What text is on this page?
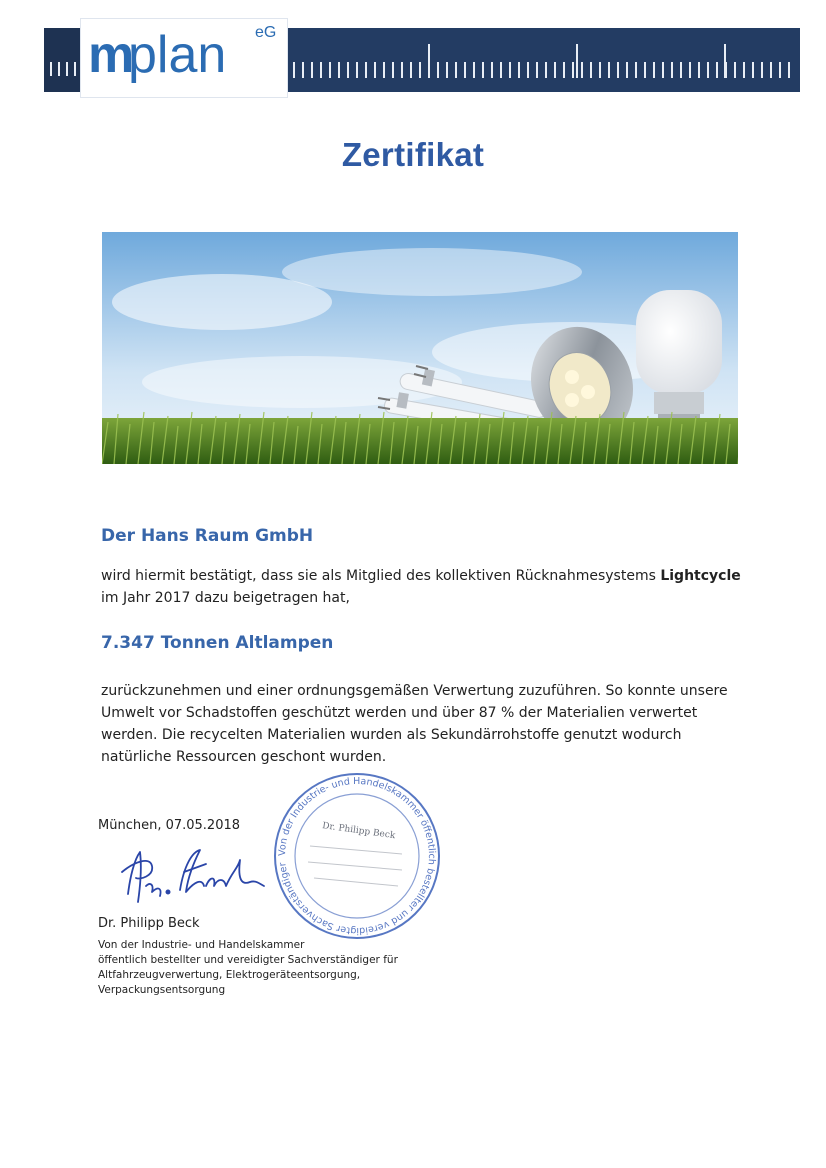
m
plan eG
Zertifikat
Der Hans Raum GmbH
wird hiermit bestätigt, dass sie als Mitglied des kollektiven Rücknahmesystems Lightcycle
im Jahr 2017 dazu beigetragen hat,
7.347 Tonnen Altlampen
zurückzunehmen und einer ordnungsgemäßen Verwertung zuzuführen. So konnte unsere
Umwelt vor Schadstoffen geschützt werden und über 87 % der Materialien verwertet
werden. Die recycelten Materialien wurden als Sekundärrohstoffe genutzt wodurch
natürliche Ressourcen geschont wurden.
Von der Industrie- und Handelskammer öffentlich bestellter und vereidigter Sachverständiger
Dr. Philipp Beck
München, 07.05.2018
Dr. Philipp Beck
Von der Industrie- und Handelskammer
öffentlich bestellter und vereidigter Sachverständiger für
Altfahrzeugverwertung, Elektrogeräteentsorgung,
Verpackungsentsorgung
